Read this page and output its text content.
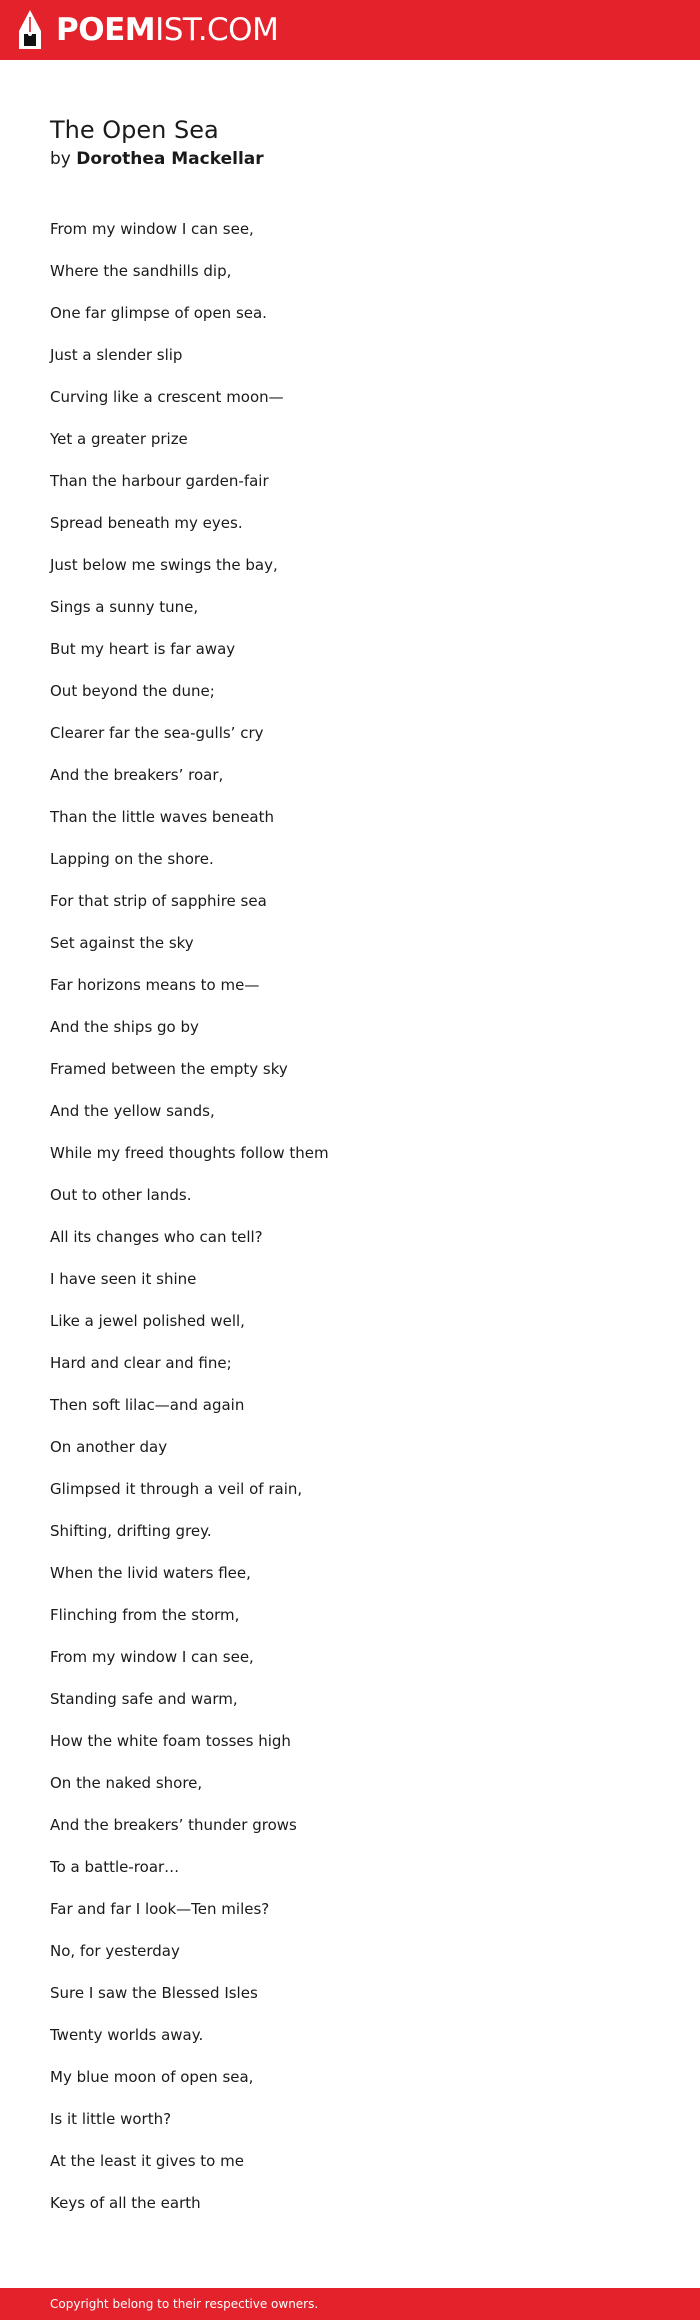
POEMIST.COM
The Open Sea
by Dorothea Mackellar
From my window I can see,
Where the sandhills dip,
One far glimpse of open sea.
Just a slender slip
Curving like a crescent moon—
Yet a greater prize
Than the harbour garden-fair
Spread beneath my eyes.
Just below me swings the bay,
Sings a sunny tune,
But my heart is far away
Out beyond the dune;
Clearer far the sea-gulls’ cry
And the breakers’ roar,
Than the little waves beneath
Lapping on the shore.
For that strip of sapphire sea
Set against the sky
Far horizons means to me—
And the ships go by
Framed between the empty sky
And the yellow sands,
While my freed thoughts follow them
Out to other lands.
All its changes who can tell?
I have seen it shine
Like a jewel polished well,
Hard and clear and fine;
Then soft lilac—and again
On another day
Glimpsed it through a veil of rain,
Shifting, drifting grey.
When the livid waters flee,
Flinching from the storm,
From my window I can see,
Standing safe and warm,
How the white foam tosses high
On the naked shore,
And the breakers’ thunder grows
To a battle-roar…
Far and far I look—Ten miles?
No, for yesterday
Sure I saw the Blessed Isles
Twenty worlds away.
My blue moon of open sea,
Is it little worth?
At the least it gives to me
Keys of all the earth
Copyright belong to their respective owners.
